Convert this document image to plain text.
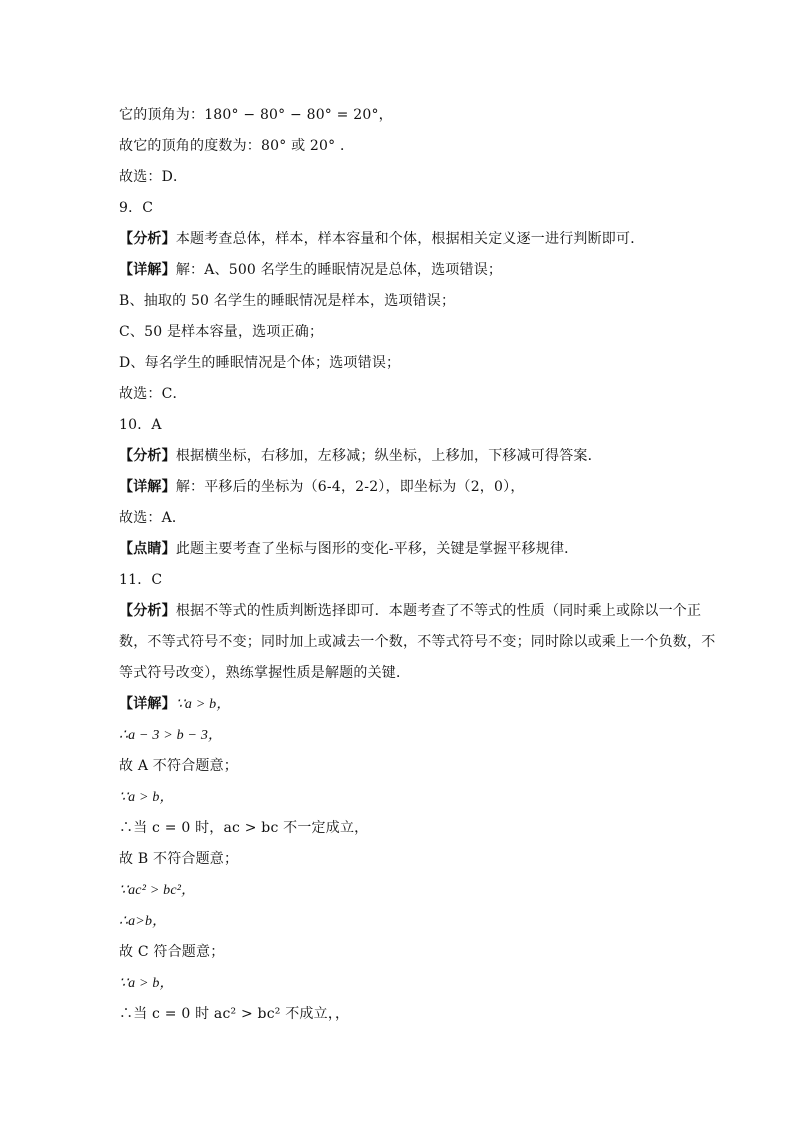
它的顶角为：180° − 80° − 80° = 20°，
故它的顶角的度数为：80° 或 20° ．
故选：D．
9．C
【分析】本题考查总体，样本，样本容量和个体，根据相关定义逐一进行判断即可．
【详解】解：A、500 名学生的睡眠情况是总体，选项错误；
B、抽取的 50 名学生的睡眠情况是样本，选项错误；
C、50 是样本容量，选项正确；
D、每名学生的睡眠情况是个体；选项错误；
故选：C．
10．A
【分析】根据横坐标，右移加，左移减；纵坐标，上移加，下移减可得答案．
【详解】解：平移后的坐标为（6-4，2-2），即坐标为（2，0），
故选：A．
【点睛】此题主要考查了坐标与图形的变化-平移，关键是掌握平移规律．
11．C
【分析】根据不等式的性质判断选择即可．本题考查了不等式的性质（同时乘上或除以一个正数，不等式符号不变；同时加上或减去一个数，不等式符号不变；同时除以或乘上一个负数，不等式符号改变），熟练掌握性质是解题的关键．
【详解】∵a > b，
∴a − 3 > b − 3，
故 A 不符合题意；
∵a > b，
∴当 c = 0 时，ac > bc 不一定成立，
故 B 不符合题意；
∵ac² > bc²，
∴a>b，
故 C 符合题意；
∵a > b，
∴当 c = 0 时 ac² > bc² 不成立，，
